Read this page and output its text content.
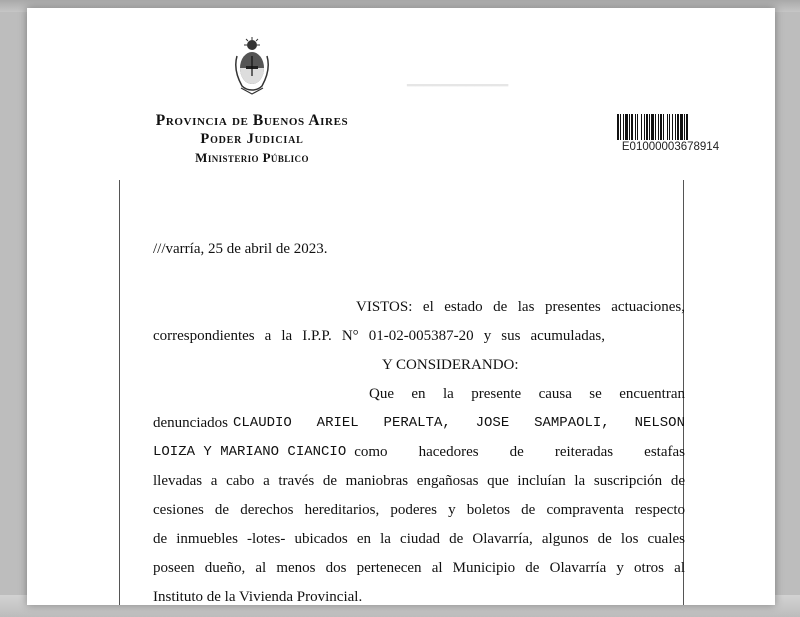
━━━━━━━━━━━━
Provincia de Buenos Aires
Poder Judicial
Ministerio Público
E01000003678914
///varría, 25 de abril de 2023.
VISTOS: el estado de las presentes actuaciones,
correspondientes a la I.P.P. N° 01-02-005387-20 y sus acumuladas,
Y CONSIDERANDO:
Que en la presente causa se encuentran
denunciados CLAUDIO ARIEL PERALTA, JOSE SAMPAOLI, NELSON
LOIZA Y MARIANO CIANCIO como hacedores de reiteradas estafas
llevadas a cabo a través de maniobras engañosas que incluían la suscripción de
cesiones de derechos hereditarios, poderes y boletos de compraventa respecto
de inmuebles -lotes- ubicados en la ciudad de Olavarría, algunos de los cuales
poseen dueño, al menos dos pertenecen al Municipio de Olavarría y otros al
Instituto de la Vivienda Provincial.
